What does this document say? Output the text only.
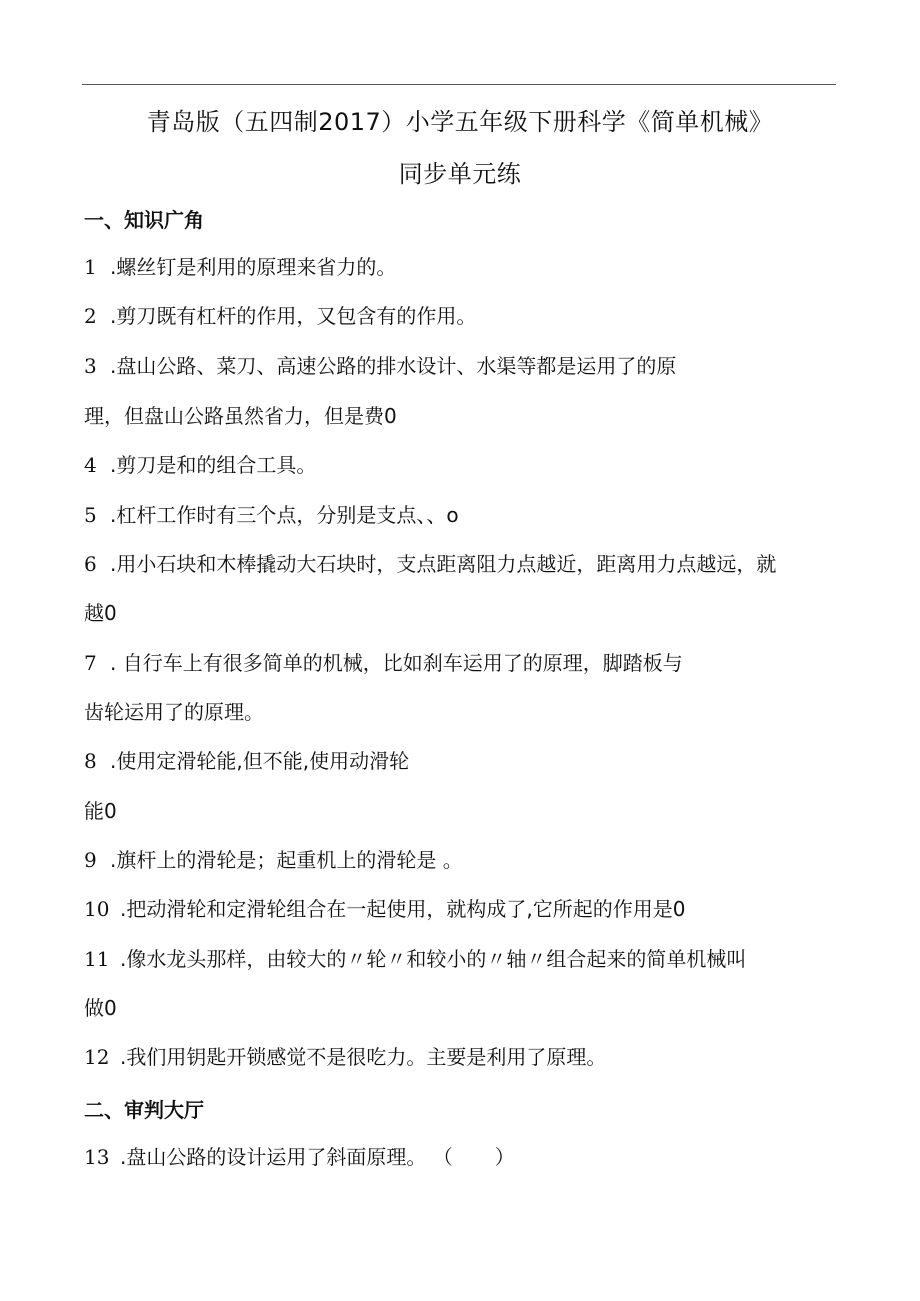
青岛版（五四制2017）小学五年级下册科学《简单机械》
同步单元练
一、知识广角
1 .螺丝钉是利用的原理来省力的。
2 .剪刀既有杠杆的作用，又包含有的作用。
3 .盘山公路、菜刀、高速公路的排水设计、水渠等都是运用了的原
理，但盘山公路虽然省力，但是费0
4 .剪刀是和的组合工具。
5 .杠杆工作时有三个点，分别是支点、、o
6 .用小石块和木棒撬动大石块时，支点距离阻力点越近，距离用力点越远，就
越0
7 . 自行车上有很多简单的机械，比如刹车运用了的原理，脚踏板与
齿轮运用了的原理。
8 .使用定滑轮能,但不能,使用动滑轮
能0
9 .旗杆上的滑轮是；起重机上的滑轮是 。
10 .把动滑轮和定滑轮组合在一起使用，就构成了,它所起的作用是0
11 .像水龙头那样，由较大的〃轮〃和较小的〃轴〃组合起来的简单机械叫
做0
12 .我们用钥匙开锁感觉不是很吃力。主要是利用了原理。
二、审判大厅
13 .盘山公路的设计运用了斜面原理。 （ ）
